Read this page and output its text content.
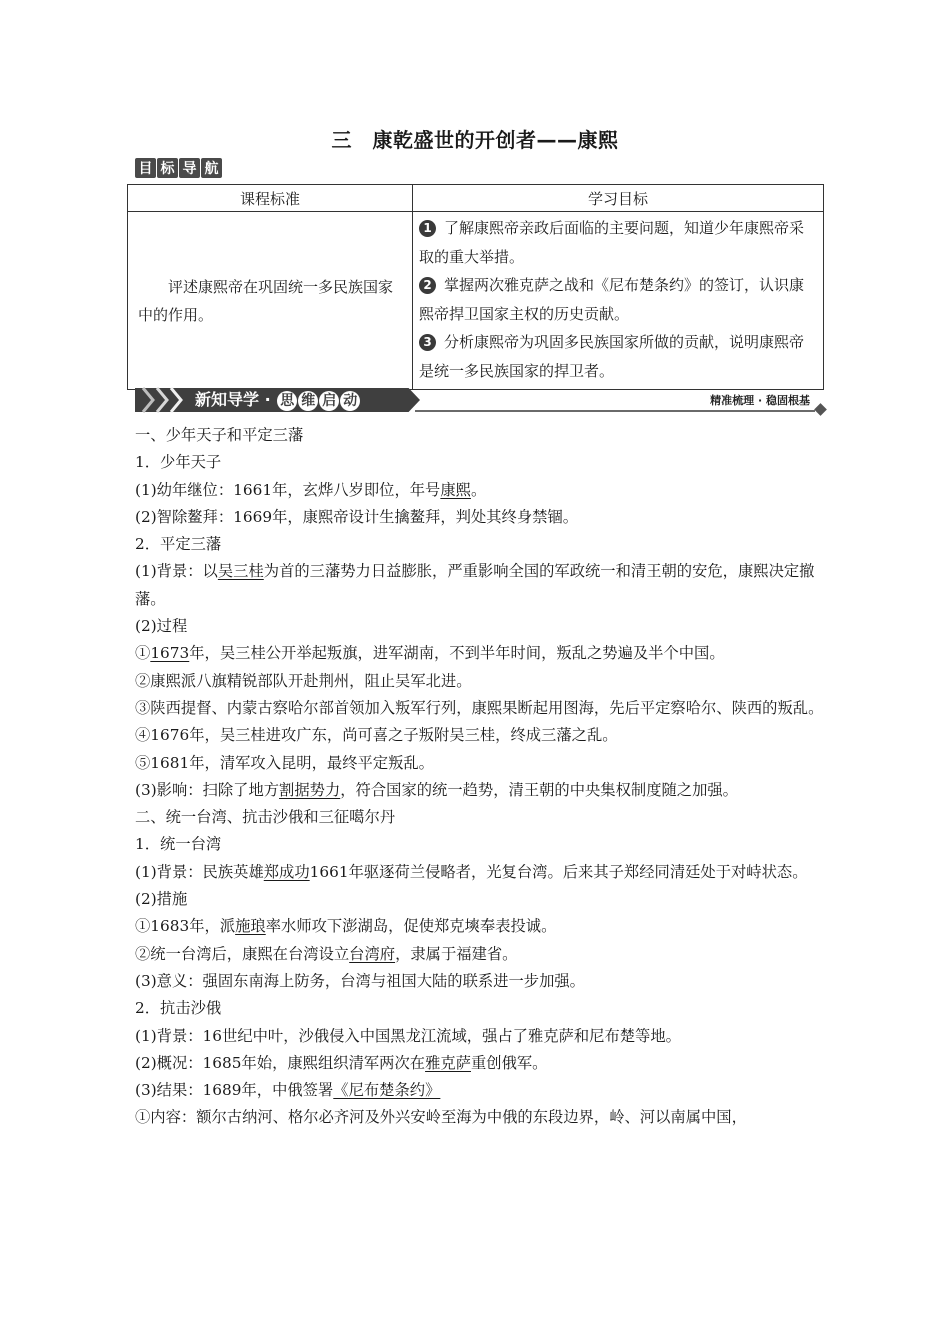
三　康乾盛世的开创者——康熙
目 标 导 航
课程标准	学习目标
评述康熙帝在巩固统一多民族国家中的作用。	1 了解康熙帝亲政后面临的主要问题，知道少年康熙帝采取的重大举措。
2 掌握两次雅克萨之战和《尼布楚条约》的签订，认识康熙帝捍卫国家主权的历史贡献。
3 分析康熙帝为巩固多民族国家所做的贡献，说明康熙帝是统一多民族国家的捍卫者。
新知导学 · 思 维 启 动	精准梳理 · 稳固根基

一、少年天子和平定三藩

1．少年天子

(1)幼年继位：1661年，玄烨八岁即位，年号康熙。

(2)智除鳌拜：1669年，康熙帝设计生擒鳌拜，判处其终身禁锢。

2．平定三藩

(1)背景：以吴三桂为首的三藩势力日益膨胀，严重影响全国的军政统一和清王朝的安危，康熙决定撤藩。

(2)过程

①1673年，吴三桂公开举起叛旗，进军湖南，不到半年时间，叛乱之势遍及半个中国。

②康熙派八旗精锐部队开赴荆州，阻止吴军北进。

③陕西提督、内蒙古察哈尔部首领加入叛军行列，康熙果断起用图海，先后平定察哈尔、陕西的叛乱。

④1676年，吴三桂进攻广东，尚可喜之子叛附吴三桂，终成三藩之乱。

⑤1681年，清军攻入昆明，最终平定叛乱。

(3)影响：扫除了地方割据势力，符合国家的统一趋势，清王朝的中央集权制度随之加强。

二、统一台湾、抗击沙俄和三征噶尔丹

1．统一台湾

(1)背景：民族英雄郑成功1661年驱逐荷兰侵略者，光复台湾。后来其子郑经同清廷处于对峙状态。

(2)措施

①1683年，派施琅率水师攻下澎湖岛，促使郑克塽奉表投诚。

②统一台湾后，康熙在台湾设立台湾府，隶属于福建省。

(3)意义：强固东南海上防务，台湾与祖国大陆的联系进一步加强。

2．抗击沙俄

(1)背景：16世纪中叶，沙俄侵入中国黑龙江流域，强占了雅克萨和尼布楚等地。

(2)概况：1685年始，康熙组织清军两次在雅克萨重创俄军。

(3)结果：1689年，中俄签署《尼布楚条约》

①内容：额尔古纳河、格尔必齐河及外兴安岭至海为中俄的东段边界，岭、河以南属中国，
